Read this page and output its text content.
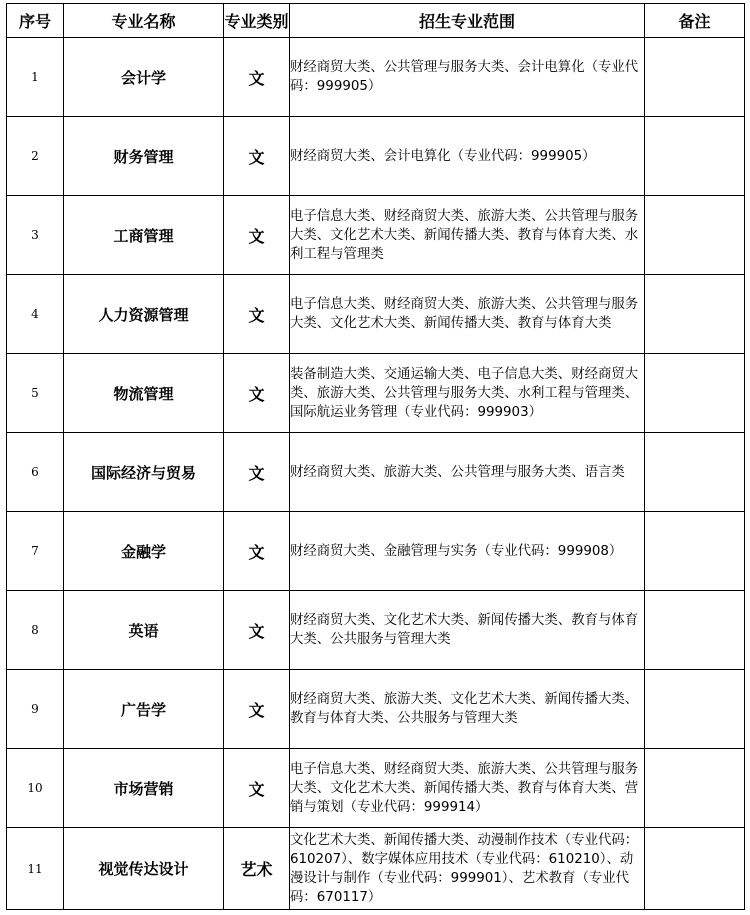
序号	专业名称	专业类别	招生专业范围	备注
1	会计学	文	财经商贸大类、公共管理与服务大类、会计电算化（专业代码：999905）	
2	财务管理	文	财经商贸大类、会计电算化（专业代码：999905）	
3	工商管理	文	电子信息大类、财经商贸大类、旅游大类、公共管理与服务大类、文化艺术大类、新闻传播大类、教育与体育大类、水利工程与管理类	
4	人力资源管理	文	电子信息大类、财经商贸大类、旅游大类、公共管理与服务大类、文化艺术大类、新闻传播大类、教育与体育大类	
5	物流管理	文	装备制造大类、交通运输大类、电子信息大类、财经商贸大类、旅游大类、公共管理与服务大类、水利工程与管理类、国际航运业务管理（专业代码：999903）	
6	国际经济与贸易	文	财经商贸大类、旅游大类、公共管理与服务大类、语言类	
7	金融学	文	财经商贸大类、金融管理与实务（专业代码：999908）	
8	英语	文	财经商贸大类、文化艺术大类、新闻传播大类、教育与体育大类、公共服务与管理大类	
9	广告学	文	财经商贸大类、旅游大类、文化艺术大类、新闻传播大类、教育与体育大类、公共服务与管理大类	
10	市场营销	文	电子信息大类、财经商贸大类、旅游大类、公共管理与服务大类、文化艺术大类、新闻传播大类、教育与体育大类、营销与策划（专业代码：999914）	
11	视觉传达设计	艺术	文化艺术大类、新闻传播大类、动漫制作技术（专业代码：610207）、数字媒体应用技术（专业代码：610210）、动漫设计与制作（专业代码：999901）、艺术教育（专业代码：670117）	
